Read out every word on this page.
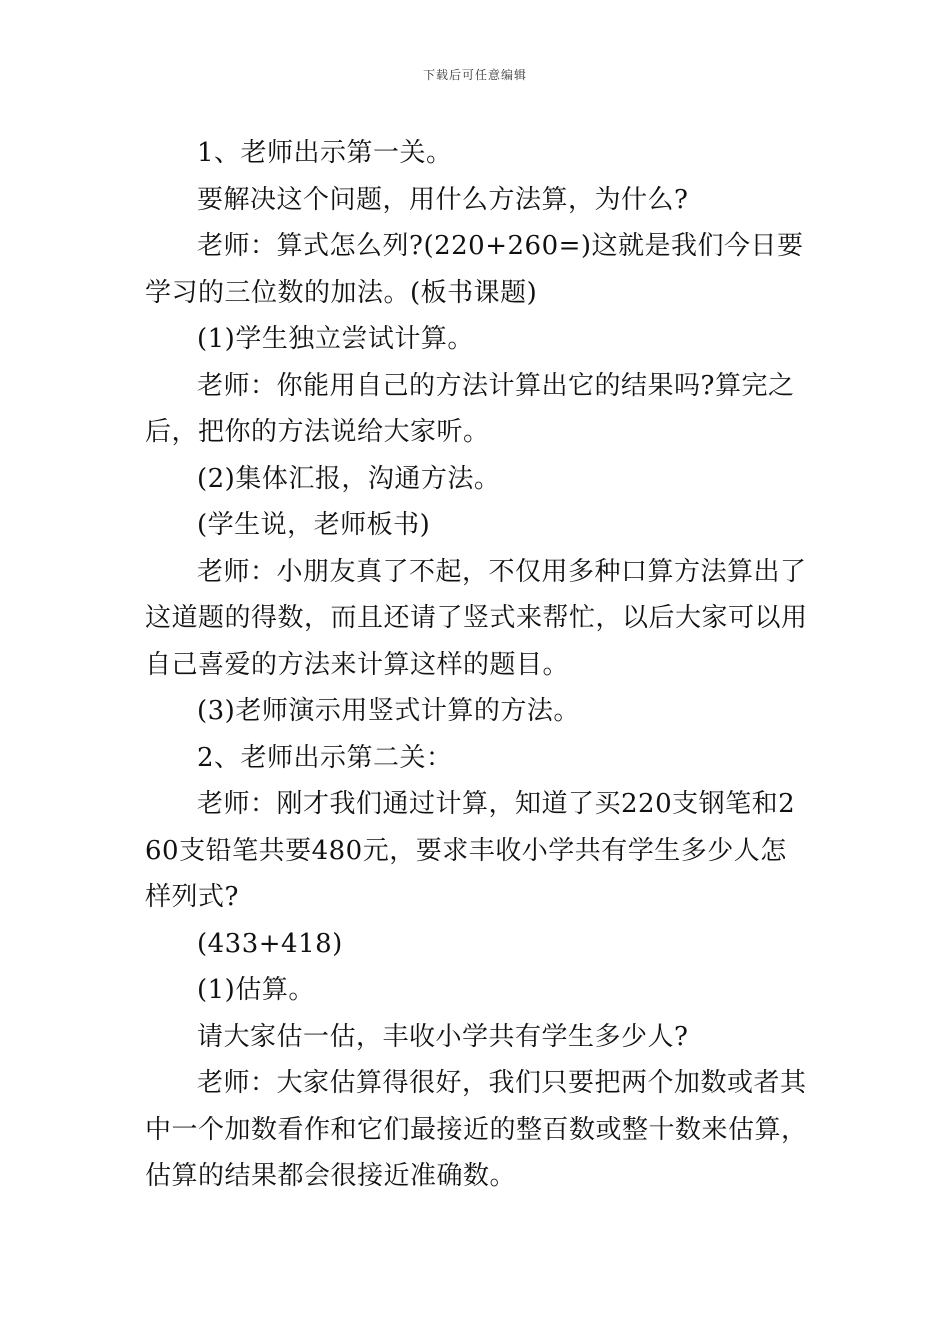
下载后可任意编辑

1、老师出示第一关。

要解决这个问题，用什么方法算，为什么?

老师：算式怎么列?(220+260=)这就是我们今日要学习的三位数的加法。(板书课题)

(1)学生独立尝试计算。

老师：你能用自己的方法计算出它的结果吗?算完之后，把你的方法说给大家听。

(2)集体汇报，沟通方法。

(学生说，老师板书)

老师：小朋友真了不起，不仅用多种口算方法算出了这道题的得数，而且还请了竖式来帮忙，以后大家可以用自己喜爱的方法来计算这样的题目。

(3)老师演示用竖式计算的方法。

2、老师出示第二关：

老师：刚才我们通过计算，知道了买220支钢笔和260支铅笔共要480元，要求丰收小学共有学生多少人怎样列式?

(433+418)

(1)估算。

请大家估一估，丰收小学共有学生多少人?

老师：大家估算得很好，我们只要把两个加数或者其中一个加数看作和它们最接近的整百数或整十数来估算，估算的结果都会很接近准确数。
